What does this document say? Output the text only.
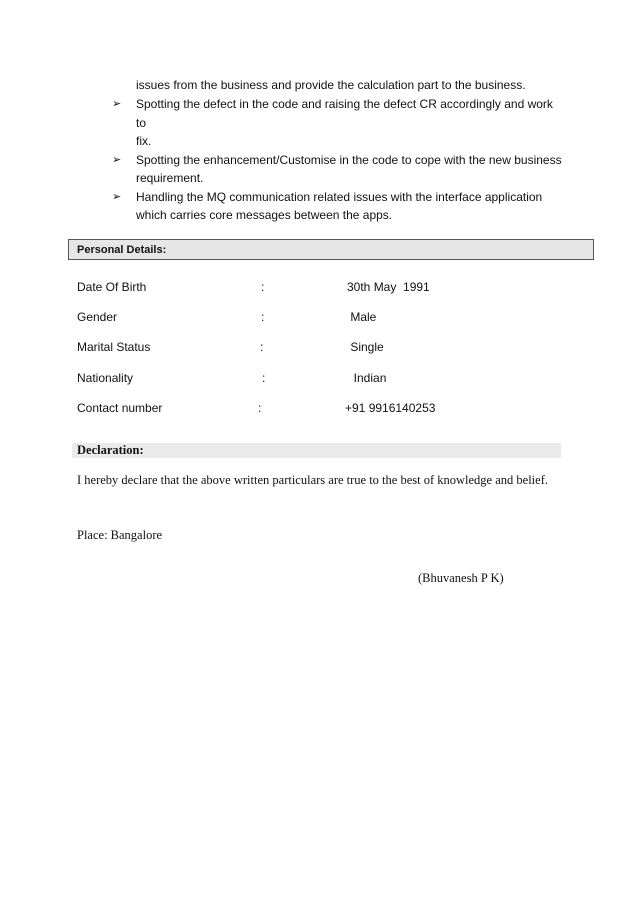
issues from the business and provide the calculation part to the business.
➢	Spotting the defect in the code and raising the defect CR accordingly and work to
fix.
➢	Spotting the enhancement/Customise in the code to cope with the new business
requirement.
➢	Handling the MQ communication related issues with the interface application
which carries core messages between the apps.
Personal Details:
Date Of Birth	:	30th May  1991
Gender	:	Male
Marital Status	:	Single
Nationality	:	Indian
Contact number	:	+91 9916140253
Declaration:
I hereby declare that the above written particulars are true to the best of knowledge and belief.
Place: Bangalore
(Bhuvanesh P K)
